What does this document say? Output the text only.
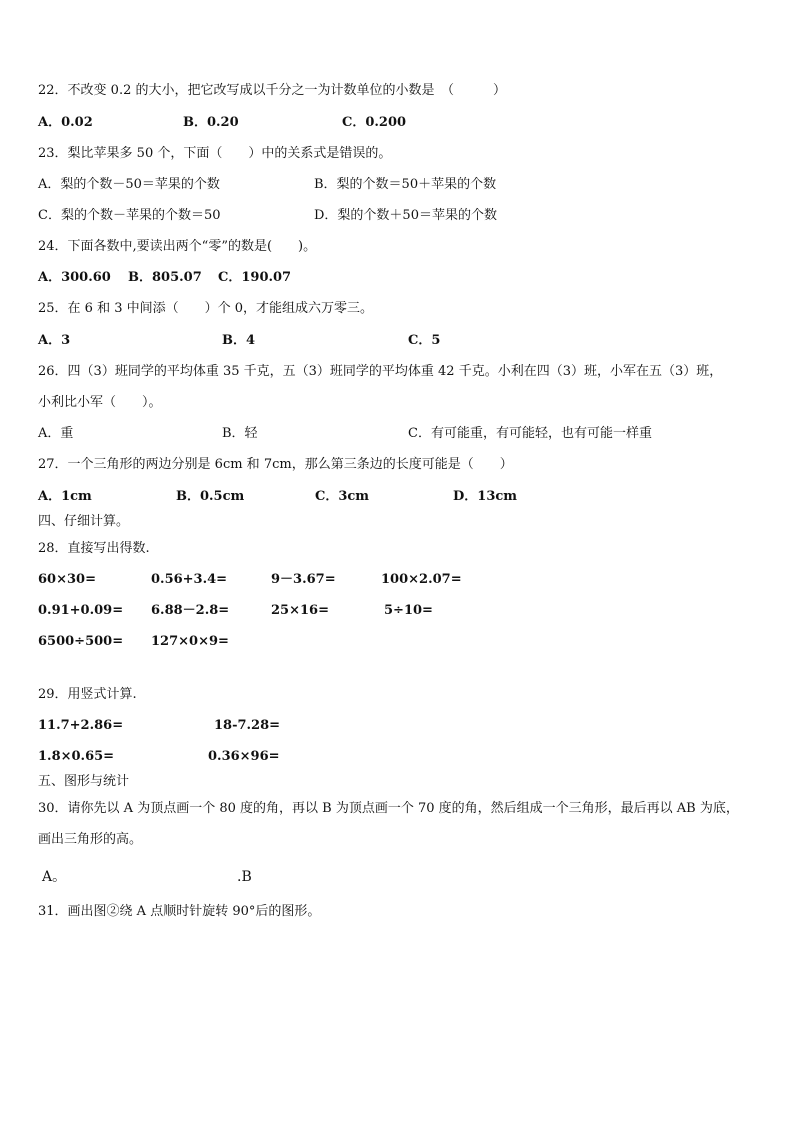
22．不改变 0.2 的大小，把它改写成以千分之一为计数单位的小数是　（　　　）
A．0.02	B．0.20	C．0.200
23．梨比苹果多 50 个，下面（　　）中的关系式是错误的。
A．梨的个数－50＝苹果的个数	B．梨的个数＝50＋苹果的个数
C．梨的个数－苹果的个数＝50	D．梨的个数＋50＝苹果的个数
24．下面各数中,要读出两个“零”的数是(　　)。
A．300.60 B．805.07 C．190.07
25．在 6 和 3 中间添（　　）个 0，才能组成六万零三。
A．3	B．4	C．5
26．四（3）班同学的平均体重 35 千克，五（3）班同学的平均体重 42 千克。小利在四（3）班，小军在五（3）班，
小利比小军（　　）。
A．重	B．轻	C．有可能重，有可能轻，也有可能一样重
27．一个三角形的两边分别是 6cm 和 7cm，那么第三条边的长度可能是（　　）
A．1cm	B．0.5cm	C．3cm	D．13cm
四、仔细计算。
28．直接写出得数.
60×30=	0.56+3.4=	9－3.67=	100×2.07=
0.91+0.09= 6.88－2.8=	25×16=	5÷10=
6500÷500= 127×0×9=
29．用竖式计算.
11.7+2.86=	18-7.28=
1.8×0.65=	0.36×96=
五、图形与统计
30．请你先以 A 为顶点画一个 80 度的角，再以 B 为顶点画一个 70 度的角，然后组成一个三角形，最后再以 AB 为底，
画出三角形的高。
A。	.B
31．画出图②绕 A 点顺时针旋转 90°后的图形。
